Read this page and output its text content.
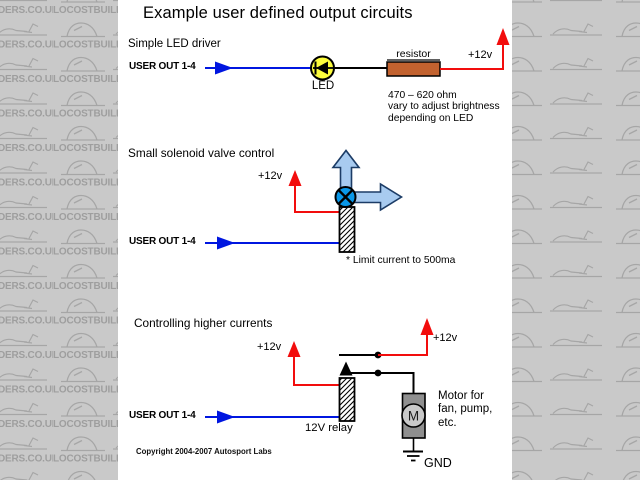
M
Example user defined output circuits
Simple LED driver
USER OUT 1-4
LED
resistor	+12v
470 – 620 ohm
vary to adjust brightness
depending on LED
Small solenoid valve control
+12v
USER OUT 1-4
* Limit current to 500ma
Controlling higher currents
+12v
+12v
USER OUT 1-4
12V relay
Motor for
fan, pump,
etc.
GND
Copyright 2004-2007 Autosport Labs
